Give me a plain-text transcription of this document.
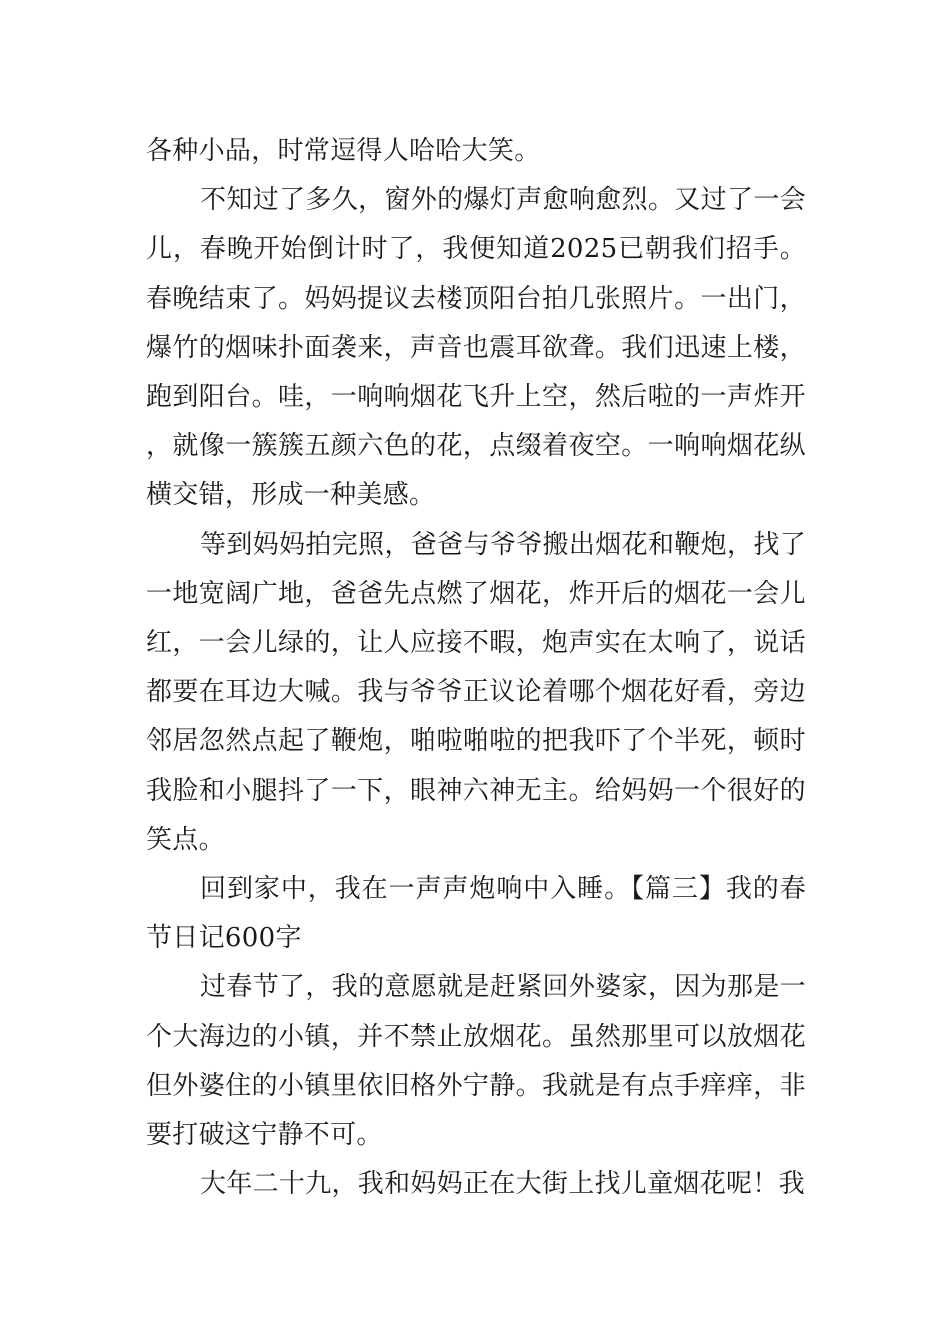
各种小品，时常逗得人哈哈大笑。

不知过了多久，窗外的爆灯声愈响愈烈。又过了一会儿，春晚开始倒计时了，我便知道2025已朝我们招手。春晚结束了。妈妈提议去楼顶阳台拍几张照片。一出门，爆竹的烟味扑面袭来，声音也震耳欲聋。我们迅速上楼，跑到阳台。哇，一响响烟花飞升上空，然后啦的一声炸开，就像一簇簇五颜六色的花，点缀着夜空。一响响烟花纵横交错，形成一种美感。

等到妈妈拍完照，爸爸与爷爷搬出烟花和鞭炮，找了一地宽阔广地，爸爸先点燃了烟花，炸开后的烟花一会儿红，一会儿绿的，让人应接不暇，炮声实在太响了，说话都要在耳边大喊。我与爷爷正议论着哪个烟花好看，旁边邻居忽然点起了鞭炮，啪啦啪啦的把我吓了个半死，顿时我脸和小腿抖了一下，眼神六神无主。给妈妈一个很好的笑点。

回到家中，我在一声声炮响中入睡。【篇三】我的春节日记600字

过春节了，我的意愿就是赶紧回外婆家，因为那是一个大海边的小镇，并不禁止放烟花。虽然那里可以放烟花但外婆住的小镇里依旧格外宁静。我就是有点手痒痒，非要打破这宁静不可。

大年二十九，我和妈妈正在大街上找儿童烟花呢！我
